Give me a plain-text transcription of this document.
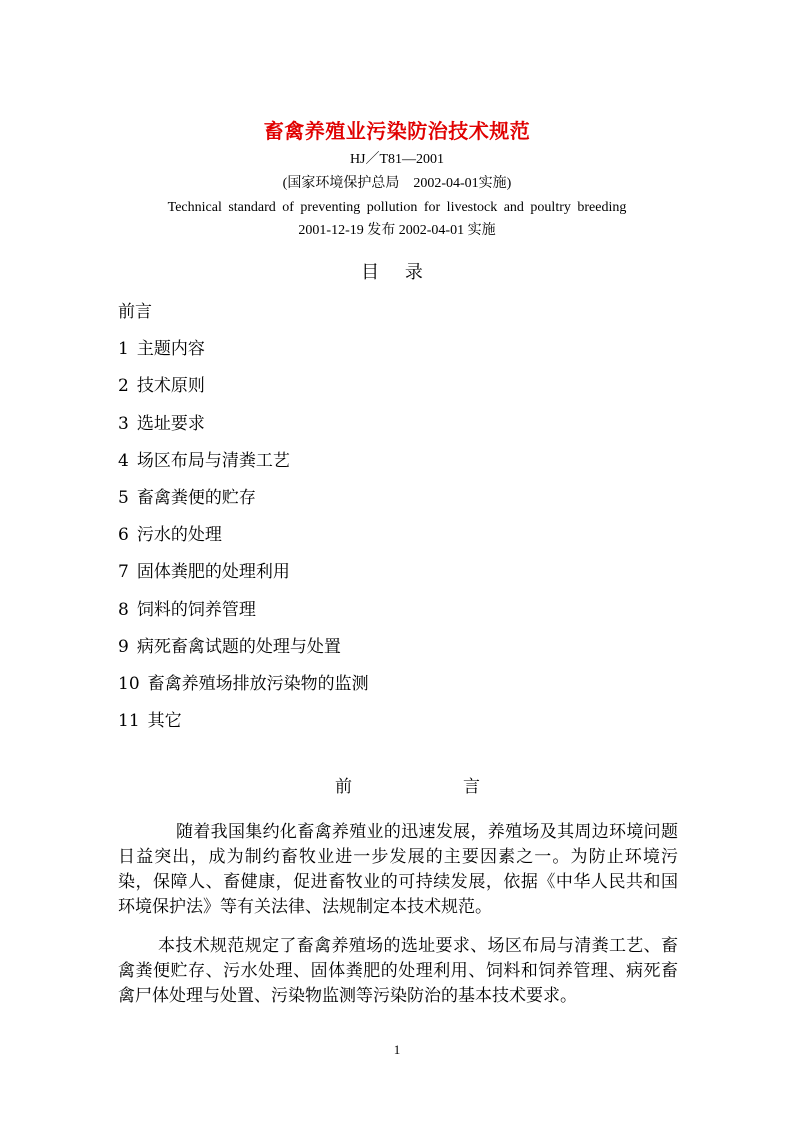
畜禽养殖业污染防治技术规范
HJ／T81—2001
(国家环境保护总局　2002-04-01实施)
Technical standard of preventing pollution for livestock and poultry breeding
2001-12-19 发布 2002-04-01 实施
目 录
前言
1 主题内容
2 技术原则
3 选址要求
4 场区布局与清粪工艺
5 畜禽粪便的贮存
6 污水的处理
7 固体粪肥的处理利用
8 饲料的饲养管理
9 病死畜禽试题的处理与处置
10 畜禽养殖场排放污染物的监测
11 其它
前	言

随着我国集约化畜禽养殖业的迅速发展，养殖场及其周边环境问题日益突出，成为制约畜牧业进一步发展的主要因素之一。为防止环境污染，保障人、畜健康，促进畜牧业的可持续发展，依据《中华人民共和国环境保护法》等有关法律、法规制定本技术规范。

本技术规范规定了畜禽养殖场的选址要求、场区布局与清粪工艺、畜禽粪便贮存、污水处理、固体粪肥的处理利用、饲料和饲养管理、病死畜禽尸体处理与处置、污染物监测等污染防治的基本技术要求。

1
